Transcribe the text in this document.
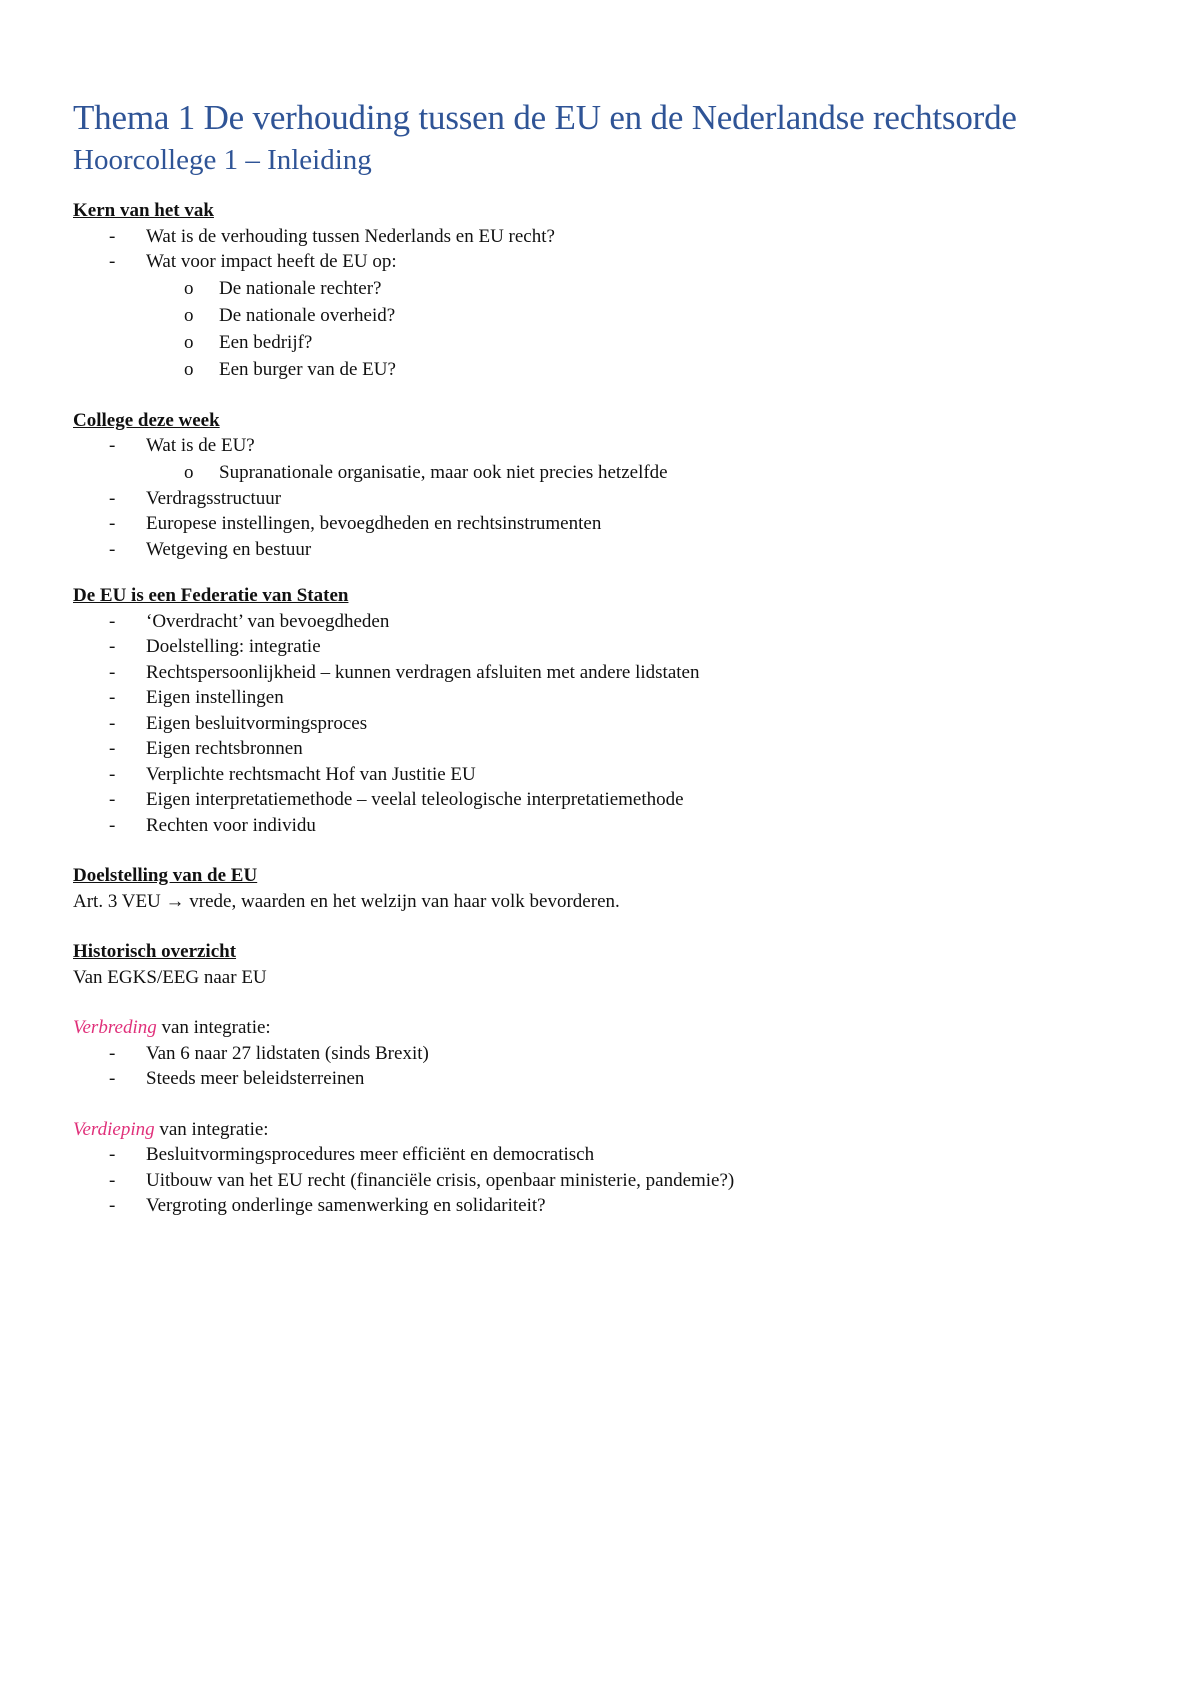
Thema 1 De verhouding tussen de EU en de Nederlandse rechtsorde
Hoorcollege 1 – Inleiding

Kern van het vak

- Wat is de verhouding tussen Nederlands en EU recht?
- Wat voor impact heeft de EU op:
o De nationale rechter?
o De nationale overheid?
o Een bedrijf?
o Een burger van de EU?

College deze week

- Wat is de EU?
o Supranationale organisatie, maar ook niet precies hetzelfde
- Verdragsstructuur
- Europese instellingen, bevoegdheden en rechtsinstrumenten
- Wetgeving en bestuur

De EU is een Federatie van Staten

- ‘Overdracht’ van bevoegdheden
- Doelstelling: integratie
- Rechtspersoonlijkheid – kunnen verdragen afsluiten met andere lidstaten
- Eigen instellingen
- Eigen besluitvormingsproces
- Eigen rechtsbronnen
- Verplichte rechtsmacht Hof van Justitie EU
- Eigen interpretatiemethode – veelal teleologische interpretatiemethode
- Rechten voor individu

Doelstelling van de EU

Art. 3 VEU → vrede, waarden en het welzijn van haar volk bevorderen.

Historisch overzicht

Van EGKS/EEG naar EU

Verbreding van integratie:

- Van 6 naar 27 lidstaten (sinds Brexit)
- Steeds meer beleidsterreinen

Verdieping van integratie:

- Besluitvormingsprocedures meer efficiënt en democratisch
- Uitbouw van het EU recht (financiële crisis, openbaar ministerie, pandemie?)
- Vergroting onderlinge samenwerking en solidariteit?
